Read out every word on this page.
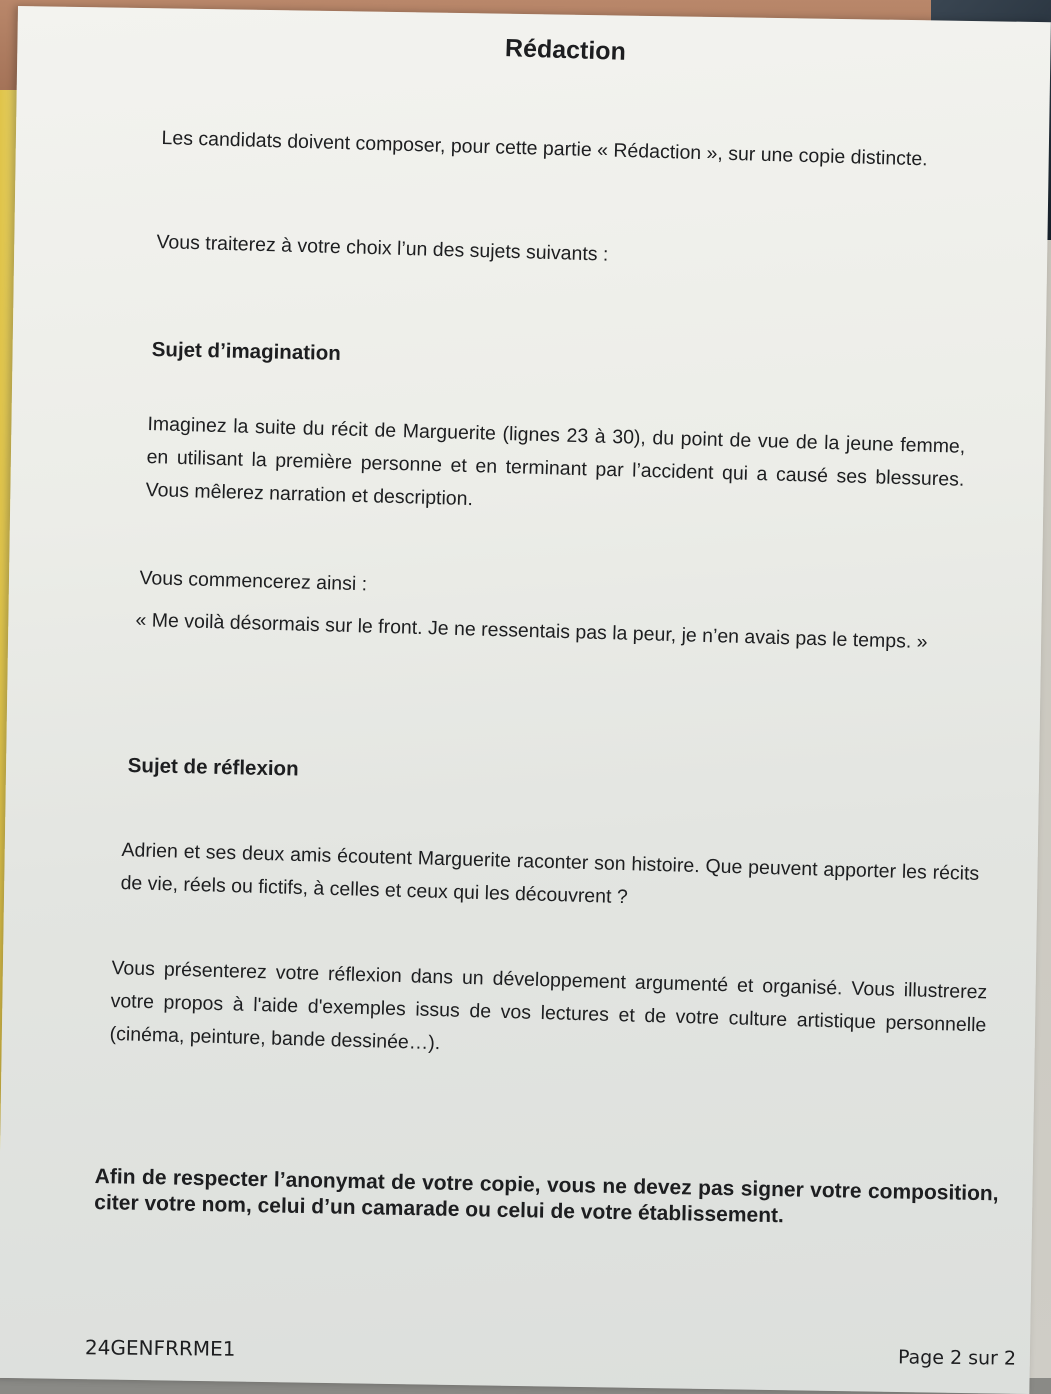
Rédaction

Les candidats doivent composer, pour cette partie « Rédaction », sur une copie distincte.

Vous traiterez à votre choix l’un des sujets suivants :

Sujet d’imagination

Imaginez la suite du récit de Marguerite (lignes 23 à 30), du point de vue de la jeune femme, en utilisant la première personne et en terminant par l’accident qui a causé ses blessures. Vous mêlerez narration et description.

Vous commencerez ainsi :

« Me voilà désormais sur le front. Je ne ressentais pas la peur, je n’en avais pas le temps. »

Sujet de réflexion

Adrien et ses deux amis écoutent Marguerite raconter son histoire. Que peuvent apporter les récits de vie, réels ou fictifs, à celles et ceux qui les découvrent ?

Vous présenterez votre réflexion dans un développement argumenté et organisé. Vous illustrerez votre propos à l'aide d'exemples issus de vos lectures et de votre culture artistique personnelle (cinéma, peinture, bande dessinée…).

Afin de respecter l’anonymat de votre copie, vous ne devez pas signer votre composition, citer votre nom, celui d’un camarade ou celui de votre établissement.

24GENFRRME1	Page 2 sur 2
